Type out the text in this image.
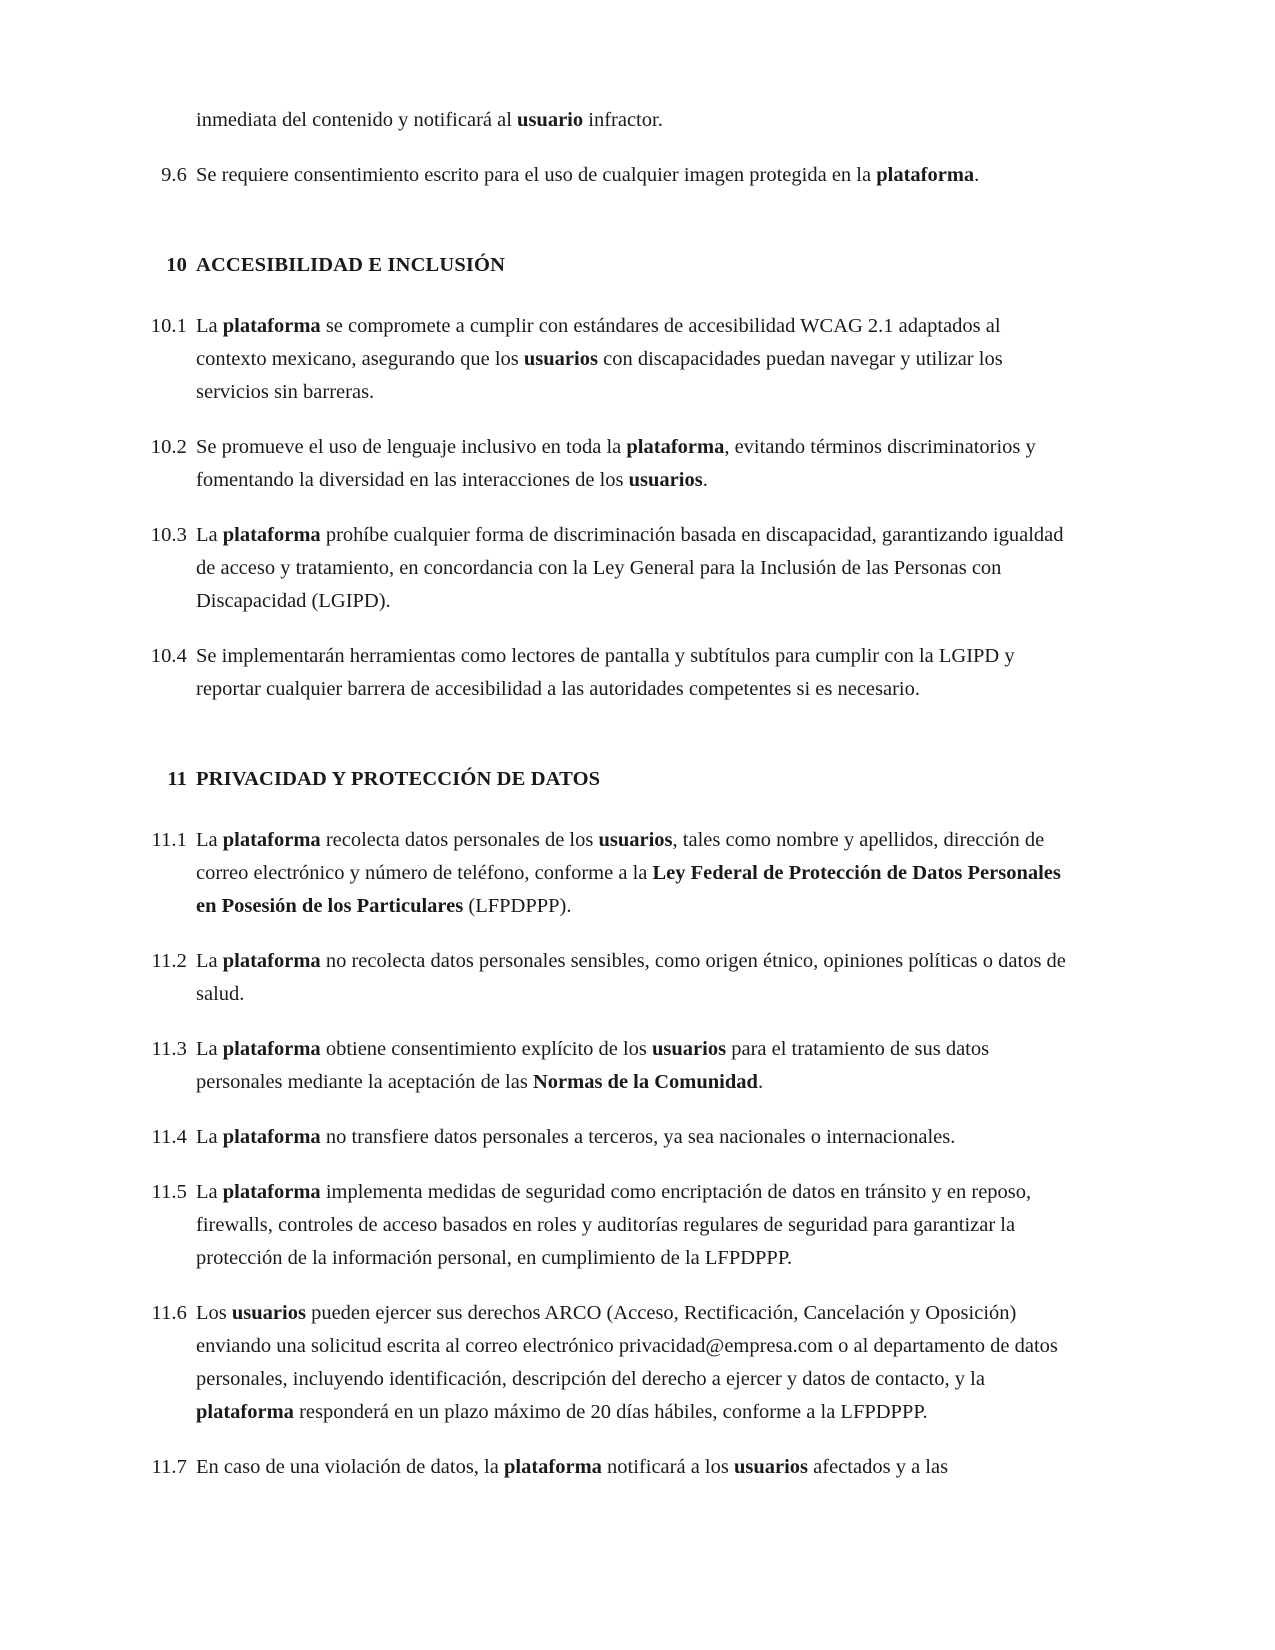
inmediata del contenido y notificará al usuario infractor.
9.6 Se requiere consentimiento escrito para el uso de cualquier imagen protegida en la plataforma.
10 ACCESIBILIDAD E INCLUSIÓN
10.1 La plataforma se compromete a cumplir con estándares de accesibilidad WCAG 2.1 adaptados al contexto mexicano, asegurando que los usuarios con discapacidades puedan navegar y utilizar los servicios sin barreras.
10.2 Se promueve el uso de lenguaje inclusivo en toda la plataforma, evitando términos discriminatorios y fomentando la diversidad en las interacciones de los usuarios.
10.3 La plataforma prohíbe cualquier forma de discriminación basada en discapacidad, garantizando igualdad de acceso y tratamiento, en concordancia con la Ley General para la Inclusión de las Personas con Discapacidad (LGIPD).
10.4 Se implementarán herramientas como lectores de pantalla y subtítulos para cumplir con la LGIPD y reportar cualquier barrera de accesibilidad a las autoridades competentes si es necesario.
11 PRIVACIDAD Y PROTECCIÓN DE DATOS
11.1 La plataforma recolecta datos personales de los usuarios, tales como nombre y apellidos, dirección de correo electrónico y número de teléfono, conforme a la Ley Federal de Protección de Datos Personales en Posesión de los Particulares (LFPDPPP).
11.2 La plataforma no recolecta datos personales sensibles, como origen étnico, opiniones políticas o datos de salud.
11.3 La plataforma obtiene consentimiento explícito de los usuarios para el tratamiento de sus datos personales mediante la aceptación de las Normas de la Comunidad.
11.4 La plataforma no transfiere datos personales a terceros, ya sea nacionales o internacionales.
11.5 La plataforma implementa medidas de seguridad como encriptación de datos en tránsito y en reposo, firewalls, controles de acceso basados en roles y auditorías regulares de seguridad para garantizar la protección de la información personal, en cumplimiento de la LFPDPPP.
11.6 Los usuarios pueden ejercer sus derechos ARCO (Acceso, Rectificación, Cancelación y Oposición) enviando una solicitud escrita al correo electrónico privacidad@empresa.com o al departamento de datos personales, incluyendo identificación, descripción del derecho a ejercer y datos de contacto, y la plataforma responderá en un plazo máximo de 20 días hábiles, conforme a la LFPDPPP.
11.7 En caso de una violación de datos, la plataforma notificará a los usuarios afectados y a las
